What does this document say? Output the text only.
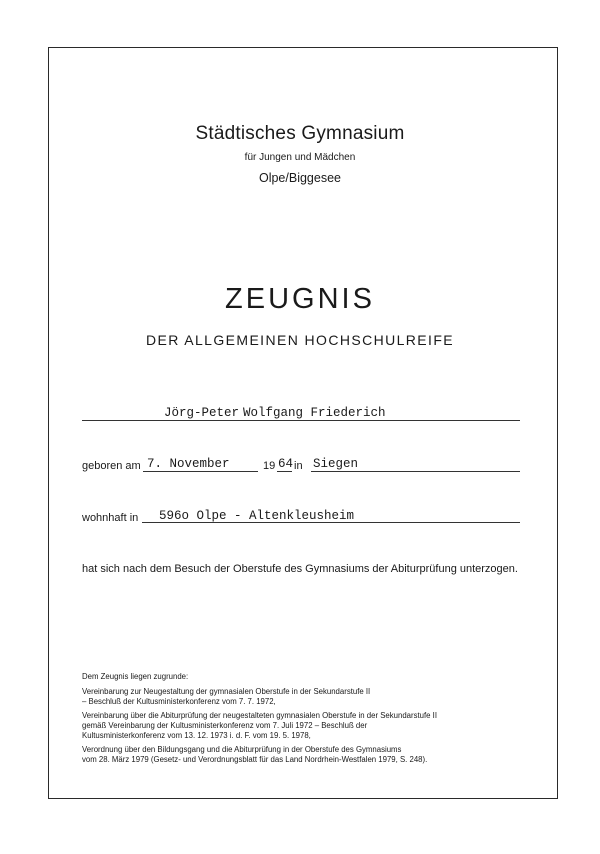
Städtisches Gymnasium
für Jungen und Mädchen
Olpe/Biggesee
ZEUGNIS
DER ALLGEMEINEN HOCHSCHULREIFE
Jörg-Peter Wolfgang Friederich
geboren am 7. November	19 64 in Siegen
wohnhaft in 596o Olpe - Altenkleusheim
hat sich nach dem Besuch der Oberstufe des Gymnasiums der Abiturprüfung unterzogen.

Dem Zeugnis liegen zugrunde:

Vereinbarung zur Neugestaltung der gymnasialen Oberstufe in der Sekundarstufe II
– Beschluß der Kultusministerkonferenz vom 7. 7. 1972,

Vereinbarung über die Abiturprüfung der neugestalteten gymnasialen Oberstufe in der Sekundarstufe II
gemäß Vereinbarung der Kultusministerkonferenz vom 7. Juli 1972 – Beschluß der
Kultusministerkonferenz vom 13. 12. 1973 i. d. F. vom 19. 5. 1978,

Verordnung über den Bildungsgang und die Abiturprüfung in der Oberstufe des Gymnasiums
vom 28. März 1979 (Gesetz- und Verordnungsblatt für das Land Nordrhein-Westfalen 1979, S. 248).
